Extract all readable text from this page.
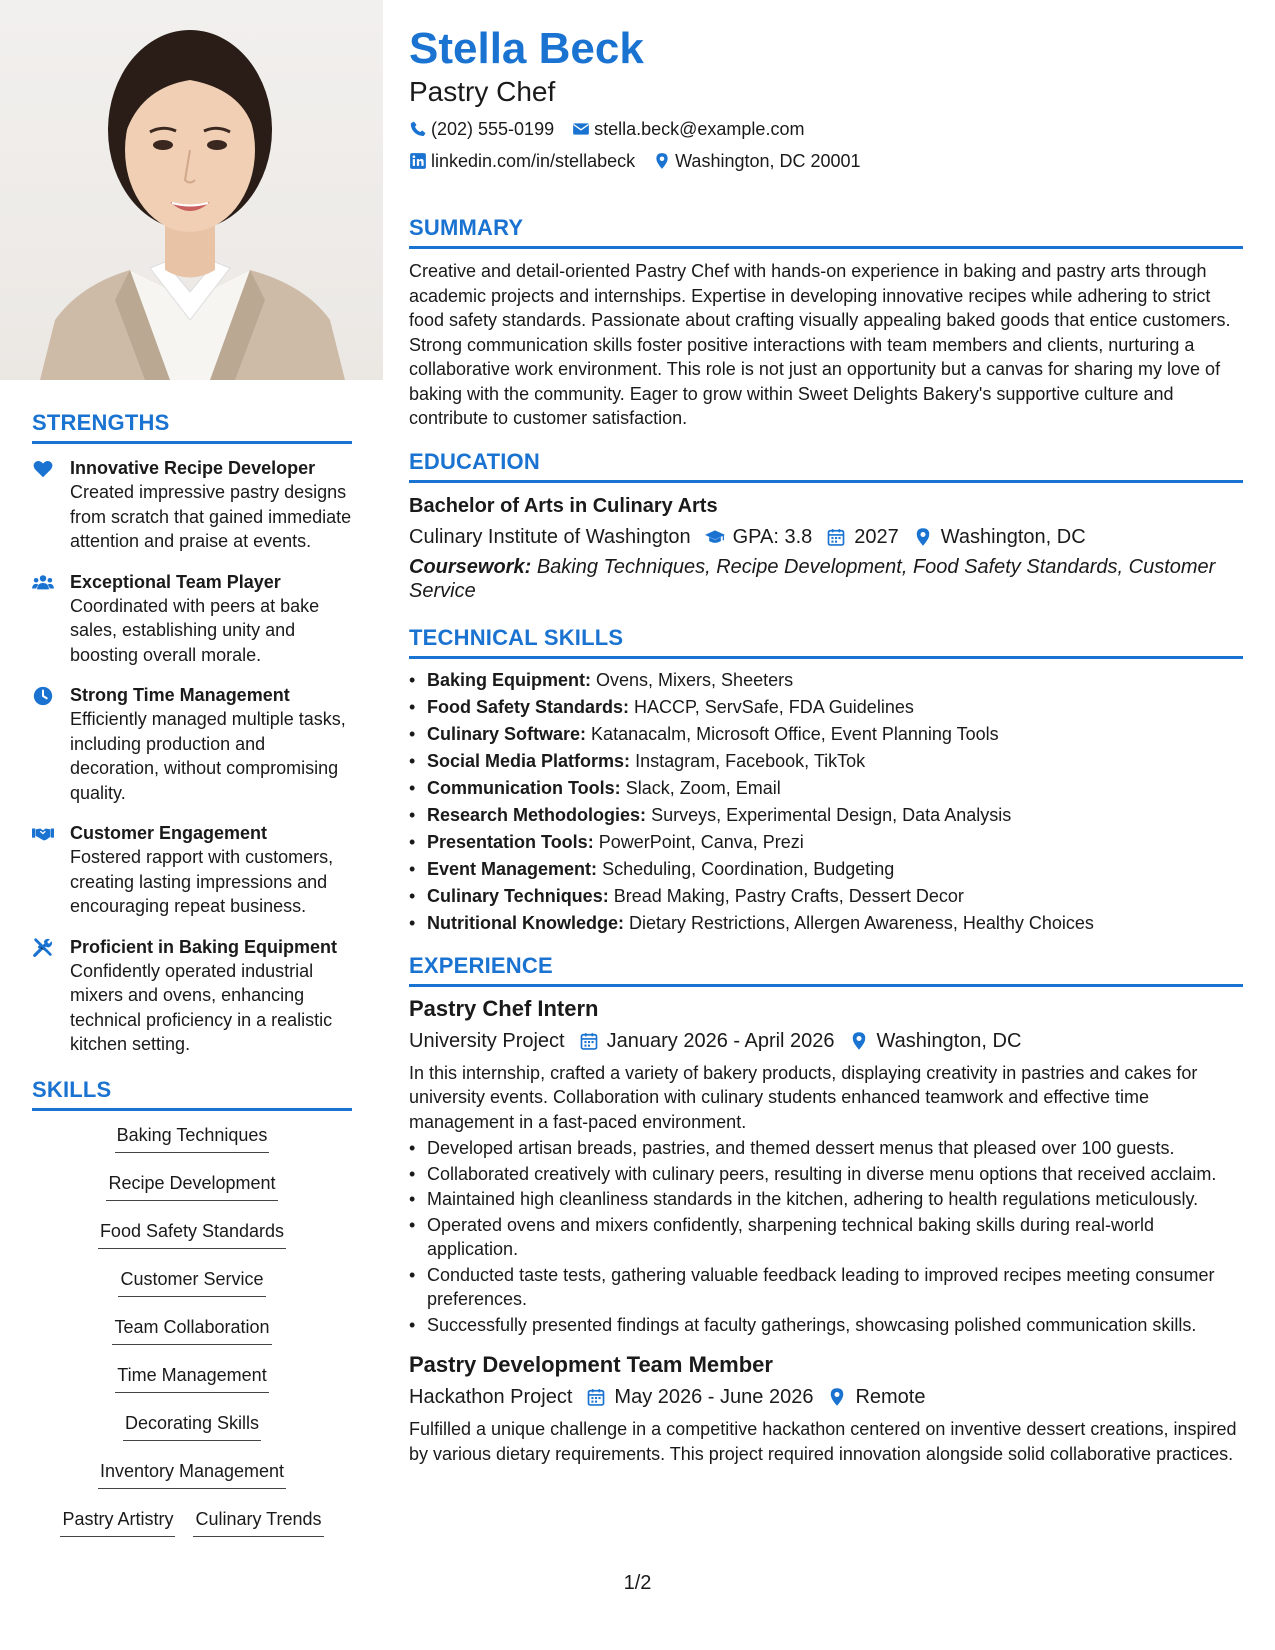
STRENGTHS
Innovative Recipe Developer
Created impressive pastry designs from scratch that gained immediate attention and praise at events.
Exceptional Team Player
Coordinated with peers at bake sales, establishing unity and boosting overall morale.
Strong Time Management
Efficiently managed multiple tasks, including production and decoration, without compromising quality.
Customer Engagement
Fostered rapport with customers, creating lasting impressions and encouraging repeat business.
Proficient in Baking Equipment
Confidently operated industrial mixers and ovens, enhancing technical proficiency in a realistic kitchen setting.
SKILLS
Baking Techniques
Recipe Development
Food Safety Standards
Customer Service
Team Collaboration
Time Management
Decorating Skills
Inventory Management
Pastry Artistry Culinary Trends
Stella Beck
Pastry Chef
(202) 555-0199 stella.beck@example.com
linkedin.com/in/stellabeck Washington, DC 20001
SUMMARY
Creative and detail-oriented Pastry Chef with hands-on experience in baking and pastry arts through academic projects and internships. Expertise in developing innovative recipes while adhering to strict food safety standards. Passionate about crafting visually appealing baked goods that entice customers. Strong communication skills foster positive interactions with team members and clients, nurturing a collaborative work environment. This role is not just an opportunity but a canvas for sharing my love of baking with the community. Eager to grow within Sweet Delights Bakery's supportive culture and contribute to customer satisfaction.
EDUCATION
Bachelor of Arts in Culinary Arts
Culinary Institute of Washington GPA: 3.8 2027 Washington, DC
Coursework: Baking Techniques, Recipe Development, Food Safety Standards, Customer Service
TECHNICAL SKILLS
• Baking Equipment: Ovens, Mixers, Sheeters
• Food Safety Standards: HACCP, ServSafe, FDA Guidelines
• Culinary Software: Katanacalm, Microsoft Office, Event Planning Tools
• Social Media Platforms: Instagram, Facebook, TikTok
• Communication Tools: Slack, Zoom, Email
• Research Methodologies: Surveys, Experimental Design, Data Analysis
• Presentation Tools: PowerPoint, Canva, Prezi
• Event Management: Scheduling, Coordination, Budgeting
• Culinary Techniques: Bread Making, Pastry Crafts, Dessert Decor
• Nutritional Knowledge: Dietary Restrictions, Allergen Awareness, Healthy Choices
EXPERIENCE
Pastry Chef Intern
University Project January 2026 - April 2026 Washington, DC
In this internship, crafted a variety of bakery products, displaying creativity in pastries and cakes for university events. Collaboration with culinary students enhanced teamwork and effective time management in a fast-paced environment.
• Developed artisan breads, pastries, and themed dessert menus that pleased over 100 guests.
• Collaborated creatively with culinary peers, resulting in diverse menu options that received acclaim.
• Maintained high cleanliness standards in the kitchen, adhering to health regulations meticulously.
• Operated ovens and mixers confidently, sharpening technical baking skills during real-world application.
• Conducted taste tests, gathering valuable feedback leading to improved recipes meeting consumer preferences.
• Successfully presented findings at faculty gatherings, showcasing polished communication skills.
Pastry Development Team Member
Hackathon Project May 2026 - June 2026 Remote
Fulfilled a unique challenge in a competitive hackathon centered on inventive dessert creations, inspired by various dietary requirements. This project required innovation alongside solid collaborative practices.
1/2
